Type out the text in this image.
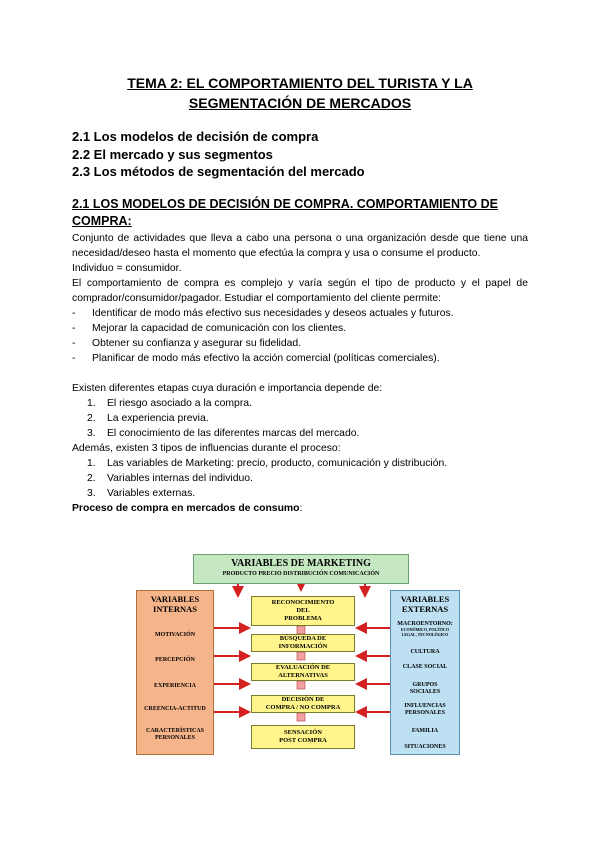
TEMA 2: EL COMPORTAMIENTO DEL TURISTA Y LA
SEGMENTACIÓN DE MERCADOS
2.1 Los modelos de decisión de compra
2.2 El mercado y sus segmentos
2.3 Los métodos de segmentación del mercado
2.1 LOS MODELOS DE DECISIÓN DE COMPRA. COMPORTAMIENTO DE COMPRA:

Conjunto de actividades que lleva a cabo una persona o una organización desde que tiene una necesidad/deseo hasta el momento que efectúa la compra y usa o consume el producto.

Individuo = consumidor.

El comportamiento de compra es complejo y varía según el tipo de producto y el papel de comprador/consumidor/pagador. Estudiar el comportamiento del cliente permite:

- Identificar de modo más efectivo sus necesidades y deseos actuales y futuros.
- Mejorar la capacidad de comunicación con los clientes.
- Obtener su confianza y asegurar su fidelidad.
- Planificar de modo más efectivo la acción comercial (políticas comerciales).

Existen diferentes etapas cuya duración e importancia depende de:

1. El riesgo asociado a la compra.
2. La experiencia previa.
3. El conocimiento de las diferentes marcas del mercado.

Además, existen 3 tipos de influencias durante el proceso:

1. Las variables de Marketing: precio, producto, comunicación y distribución.
2. Variables internas del individuo.
3. Variables externas.

Proceso de compra en mercados de consumo:

VARIABLES DE MARKETING
PRODUCTO PRECIO DISTRIBUCIÓN COMUNICACIÓN
VARIABLES
INTERNAS
MOTIVACIÓN
PERCEPCIÓN
EXPERIENCIA
CREENCIA-ACTITUD
CARACTERÍSTICAS
PERSONALES
VARIABLES
EXTERNAS
MACROENTORNO:
ECONÓMICO, POLÍTICO
LEGAL, TECNOLÓGICO
CULTURA
CLASE SOCIAL
GRUPOS
SOCIALES
INFLUENCIAS
PERSONALES
FAMILIA
SITUACIONES
RECONOCIMIENTO
DEL
PROBLEMA
BÚSQUEDA DE
INFORMACIÓN
EVALUACIÓN DE
ALTERNATIVAS
DECISIÓN DE
COMPRA / NO COMPRA
SENSACIÓN
POST COMPRA
